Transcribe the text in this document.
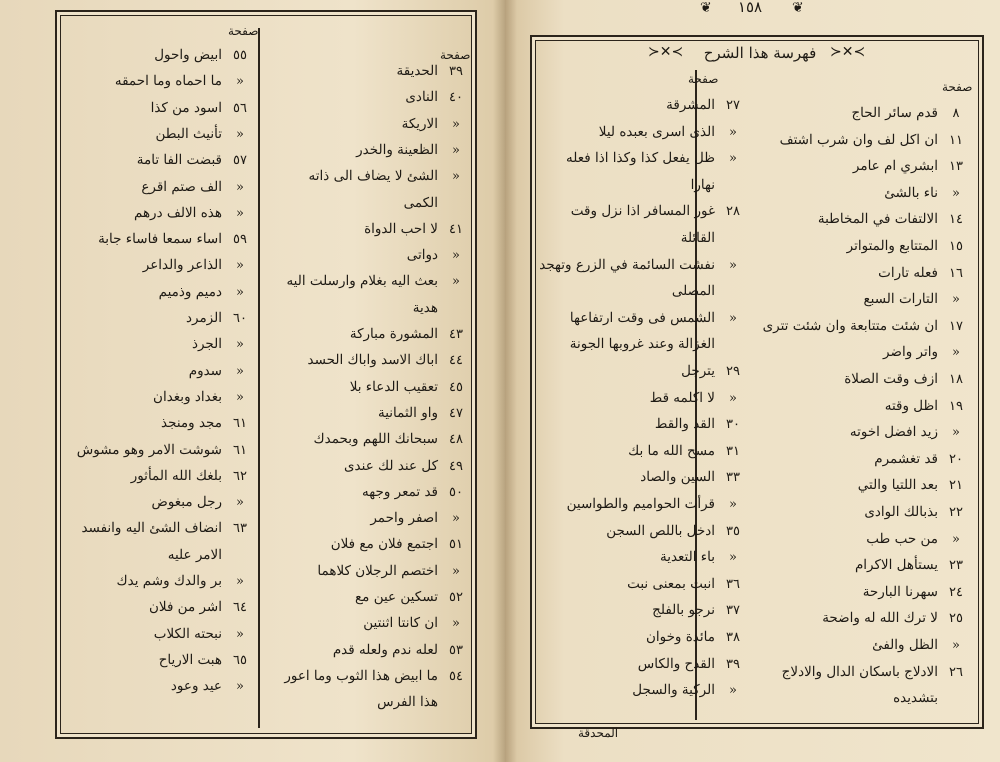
صفحة
صفحة
٣٩الحديقة
٤٠النادى
«الاريكة
«الظعينة والخدر
«الشئ لا يضاف الى ذاته
الكمى
٤١لا احب الدواة
«دواتى
«بعث اليه بغلام وارسلت اليه
هدية
٤٣المشورة مباركة
٤٤اباك الاسد واباك الحسد
٤٥تعقيب الدعاء بلا
٤٧واو الثمانية
٤٨سبحانك اللهم وبحمدك
٤٩كل عند لك عندى
٥٠قد تمعر وجهه
«اصفر واحمر
٥١اجتمع فلان مع فلان
«اختصم الرجلان كلاهما
٥٢تسكين عين مع
«ان كانتا اثنتين
٥٣لعله ندم ولعله قدم
٥٤ما ابيض هذا الثوب وما اعور
هذا الفرس
٥٥ابيض واحول
«ما احماه وما احمقه
٥٦اسود من كذا
«تأنيث البطن
٥٧قبضت الفا تامة
«الف صتم اقرع
«هذه الالف درهم
٥٩اساء سمعا فاساء جابة
«الذاعر والداعر
«دميم وذميم
٦٠الزمرد
«الجرذ
«سدوم
«بغداد وبغدان
٦١مجد ومنجذ
٦١شوشت الامر وهو مشوش
٦٢بلغك الله المأثور
«رجل مبغوض
٦٣انضاف الشئ اليه وانفسد
الامر عليه
«بر والدك وشم يدك
٦٤اشر من فلان
«نبحته الكلاب
٦٥هبت الارياح
«عيد وعود
❦	١٥٨	❦
≻✕≺	فهرسة هذا الشرح ≻✕≺
صفحة
صفحة
٨قدم سائر الحاج
١١ان اكل لف وان شرب اشتف
١٣ابشري ام عامر
«ناء بالشئ
١٤الالتفات في المخاطبة
١٥المتتابع والمتواتر
١٦فعله تارات
«التارات السبع
١٧ان شئت متتابعة وان شئت تترى
«واتر واضر
١٨ازف وقت الصلاة
١٩اظل وقته
«زيد افضل اخوته
٢٠قد تغشمرم
٢١بعد اللتيا والتي
٢٢بذبالك الوادى
«من حب طب
٢٣يستأهل الاكرام
٢٤سهرنا البارحة
٢٥لا ترك الله له واضحة
«الظل والفئ
٢٦الادلاج باسكان الدال والادلاج
بتشديده
٢٧المشرقة
«الذى اسرى بعبده ليلا
«ظل يفعل كذا وكذا اذا فعله
نهارا
٢٨غور المسافر اذا نزل وقت
القائلة
«نفشت السائمة في الزرع وتهجد
المصلى
«الشمس فى وقت ارتفاعها
الغزالة وعند غروبها الجونة
٢٩يترجل
«لا اكلمه قط
٣٠القد والقط
٣١مسح الله ما بك
٣٣السين والصاد
«قرأت الحواميم والطواسين
٣٥ادخل باللص السجن
«باء التعدية
٣٦انبت بمعنى نبت
٣٧نرجو بالفلج
٣٨مائدة وخوان
٣٩القدح والكاس
«الركية والسجل
المحدقة
